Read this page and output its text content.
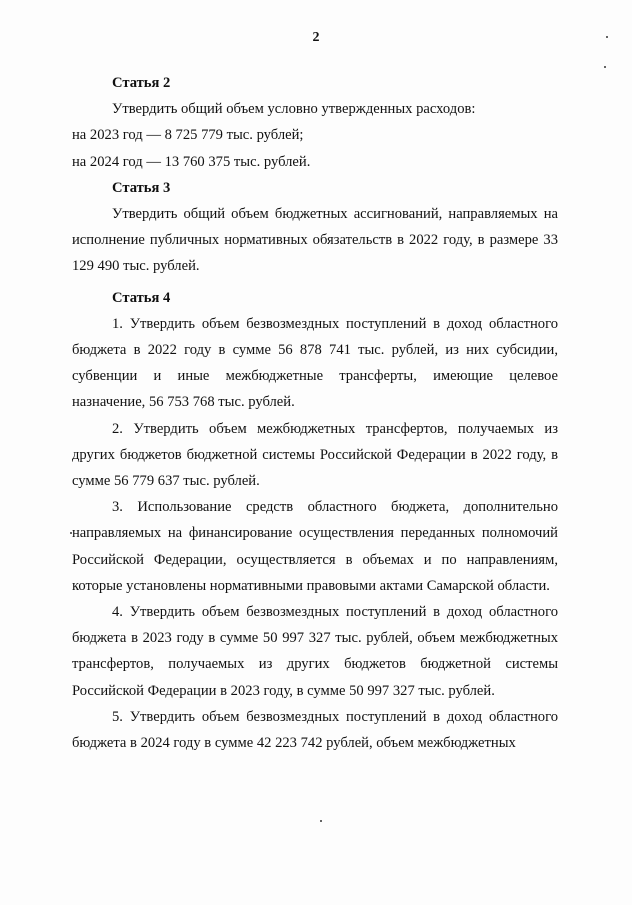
2

Статья 2

Утвердить общий объем условно утвержденных расходов:

на 2023 год — 8 725 779 тыс. рублей;

на 2024 год — 13 760 375 тыс. рублей.

Статья 3

Утвердить общий объем бюджетных ассигнований, направляемых на исполнение публичных нормативных обязательств в 2022 году, в размере 33 129 490 тыс. рублей.

Статья 4

1. Утвердить объем безвозмездных поступлений в доход областного бюджета в 2022 году в сумме 56 878 741 тыс. рублей, из них субсидии, субвенции и иные межбюджетные трансферты, имеющие целевое назначение, 56 753 768 тыс. рублей.

2. Утвердить объем межбюджетных трансфертов, получаемых из других бюджетов бюджетной системы Российской Федерации в 2022 году, в сумме 56 779 637 тыс. рублей.

3. Использование средств областного бюджета, дополнительно направляемых на финансирование осуществления переданных полномочий Российской Федерации, осуществляется в объемах и по направлениям, которые установлены нормативными правовыми актами Самарской области.

4. Утвердить объем безвозмездных поступлений в доход областного бюджета в 2023 году в сумме 50 997 327 тыс. рублей, объем межбюджетных трансфертов, получаемых из других бюджетов бюджетной системы Российской Федерации в 2023 году, в сумме 50 997 327 тыс. рублей.

5. Утвердить объем безвозмездных поступлений в доход областного бюджета в 2024 году в сумме 42 223 742 рублей, объем межбюджетных
